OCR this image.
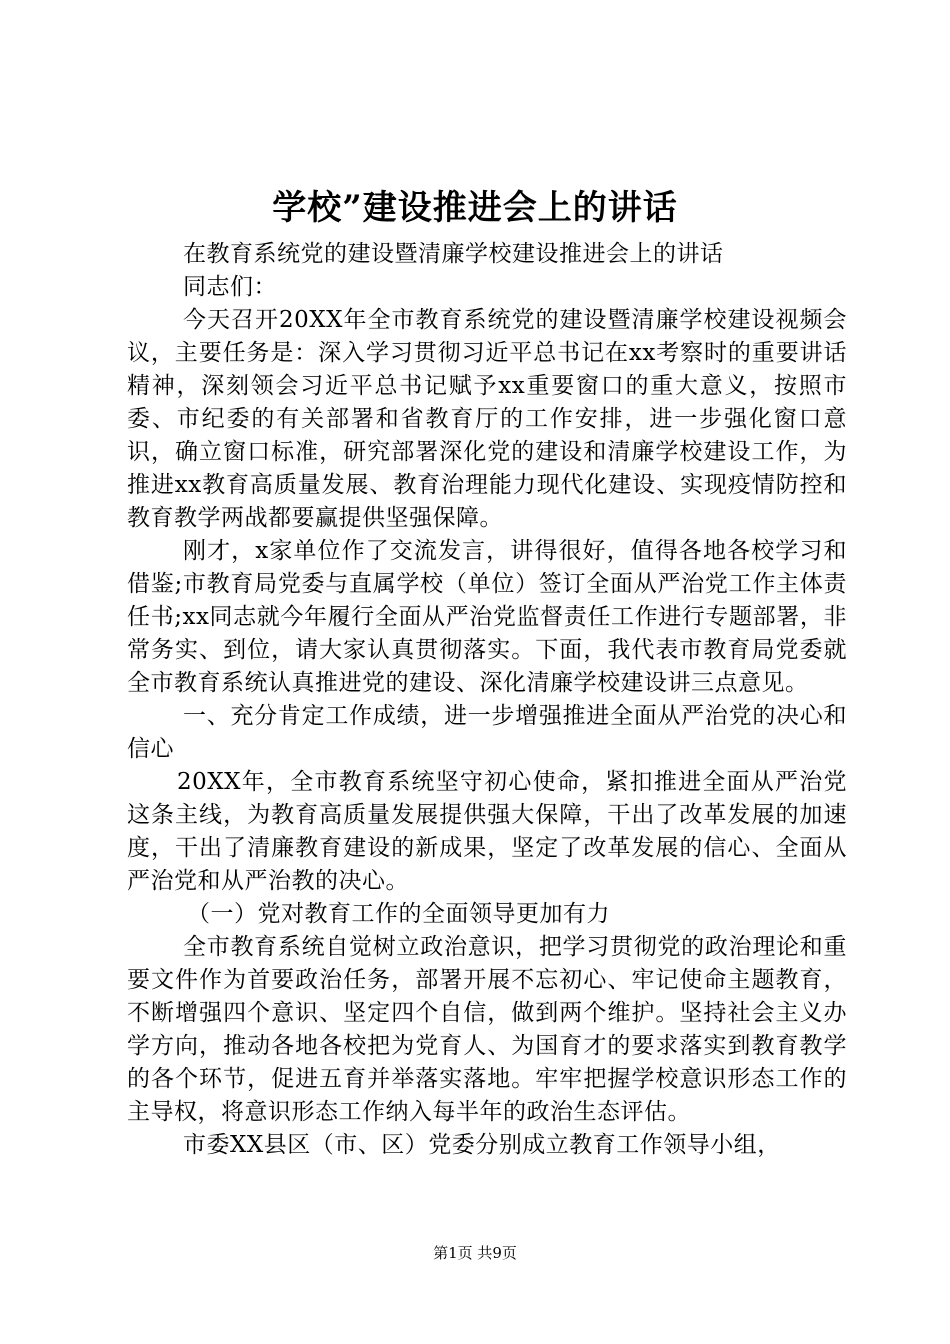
学校”建设推进会上的讲话

在教育系统党的建设暨清廉学校建设推进会上的讲话

同志们：

今天召开20XX年全市教育系统党的建设暨清廉学校建设视频会议，主要任务是：深入学习贯彻习近平总书记在xx考察时的重要讲话精神，深刻领会习近平总书记赋予xx重要窗口的重大意义，按照市委、市纪委的有关部署和省教育厅的工作安排，进一步强化窗口意识，确立窗口标准，研究部署深化党的建设和清廉学校建设工作，为推进xx教育高质量发展、教育治理能力现代化建设、实现疫情防控和教育教学两战都要赢提供坚强保障。

刚才，x家单位作了交流发言，讲得很好，值得各地各校学习和借鉴;市教育局党委与直属学校（单位）签订全面从严治党工作主体责任书;xx同志就今年履行全面从严治党监督责任工作进行专题部署，非常务实、到位，请大家认真贯彻落实。下面，我代表市教育局党委就全市教育系统认真推进党的建设、深化清廉学校建设讲三点意见。

一、充分肯定工作成绩，进一步增强推进全面从严治党的决心和信心

20XX年，全市教育系统坚守初心使命，紧扣推进全面从严治党这条主线，为教育高质量发展提供强大保障，干出了改革发展的加速度，干出了清廉教育建设的新成果，坚定了改革发展的信心、全面从严治党和从严治教的决心。

（一）党对教育工作的全面领导更加有力

全市教育系统自觉树立政治意识，把学习贯彻党的政治理论和重要文件作为首要政治任务，部署开展不忘初心、牢记使命主题教育，不断增强四个意识、坚定四个自信，做到两个维护。坚持社会主义办学方向，推动各地各校把为党育人、为国育才的要求落实到教育教学的各个环节，促进五育并举落实落地。牢牢把握学校意识形态工作的主导权，将意识形态工作纳入每半年的政治生态评估。

市委XX县区（市、区）党委分别成立教育工作领导小组，

第1页 共9页
